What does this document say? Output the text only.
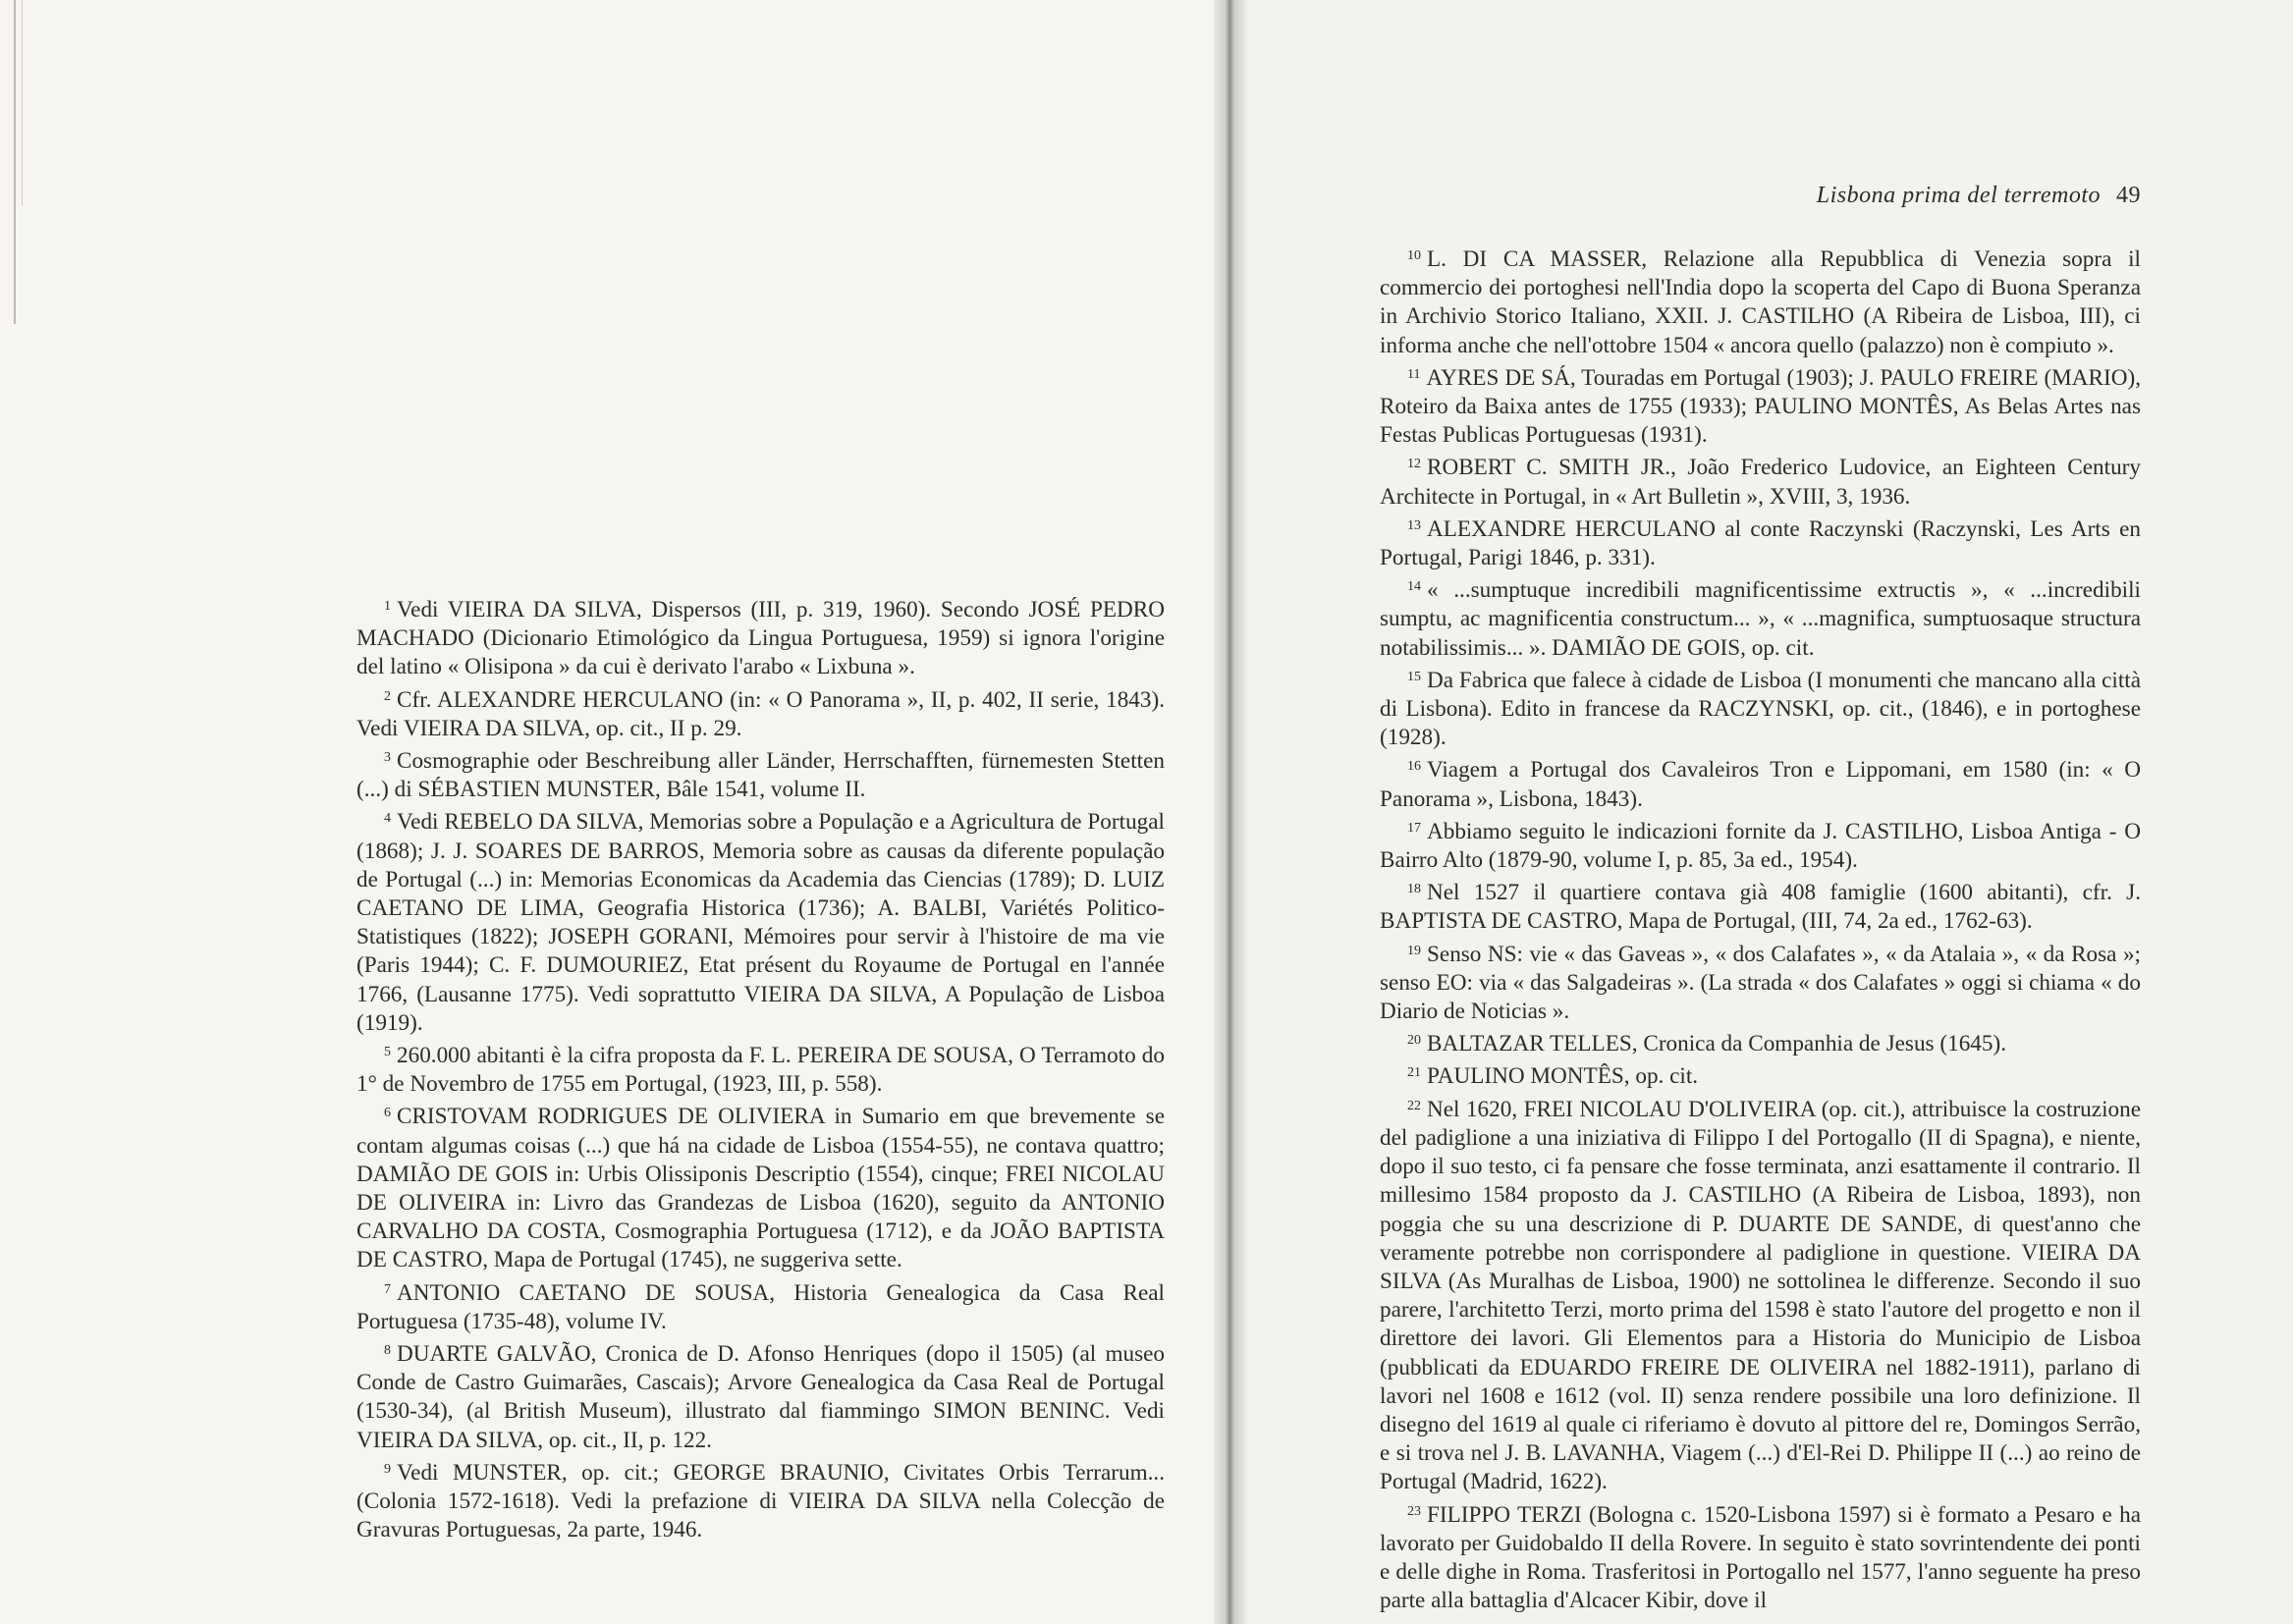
Lisbona prima del terremoto 49

$^1$ Vedi VIEIRA DA SILVA, Dispersos (III, p. 319, 1960). Secondo JOSÉ PEDRO MACHADO (Dicionario Etimológico da Lingua Portuguesa, 1959) si ignora l'origine del latino « Olisipona » da cui è derivato l'arabo « Lixbuna ».

$^2$ Cfr. ALEXANDRE HERCULANO (in: « O Panorama », II, p. 402, II serie, 1843). Vedi VIEIRA DA SILVA, op. cit., II p. 29.

$^3$ Cosmographie oder Beschreibung aller Länder, Herrschafften, fürnemesten Stetten (...) di SÉBASTIEN MUNSTER, Bâle 1541, volume II.

$^4$ Vedi REBELO DA SILVA, Memorias sobre a População e a Agricultura de Portugal (1868); J. J. SOARES DE BARROS, Memoria sobre as causas da diferente população de Portugal (...) in: Memorias Economicas da Academia das Ciencias (1789); D. LUIZ CAETANO DE LIMA, Geografia Historica (1736); A. BALBI, Variétés Politico-Statistiques (1822); JOSEPH GORANI, Mémoires pour servir à l'histoire de ma vie (Paris 1944); C. F. DUMOURIEZ, Etat présent du Royaume de Portugal en l'année 1766, (Lausanne 1775). Vedi soprattutto VIEIRA DA SILVA, A População de Lisboa (1919).

$^5$ 260.000 abitanti è la cifra proposta da F. L. PEREIRA DE SOUSA, O Terramoto do 1° de Novembro de 1755 em Portugal, (1923, III, p. 558).

$^6$ CRISTOVAM RODRIGUES DE OLIVIERA in Sumario em que brevemente se contam algumas coisas (...) que há na cidade de Lisboa (1554-55), ne contava quattro; DAMIÃO DE GOIS in: Urbis Olissiponis Descriptio (1554), cinque; FREI NICOLAU DE OLIVEIRA in: Livro das Grandezas de Lisboa (1620), seguito da ANTONIO CARVALHO DA COSTA, Cosmographia Portuguesa (1712), e da JOÃO BAPTISTA DE CASTRO, Mapa de Portugal (1745), ne suggeriva sette.

$^7$ ANTONIO CAETANO DE SOUSA, Historia Genealogica da Casa Real Portuguesa (1735-48), volume IV.

$^8$ DUARTE GALVÃO, Cronica de D. Afonso Henriques (dopo il 1505) (al museo Conde de Castro Guimarães, Cascais); Arvore Genealogica da Casa Real de Portugal (1530-34), (al British Museum), illustrato dal fiammingo SIMON BENINC. Vedi VIEIRA DA SILVA, op. cit., II, p. 122.

$^9$ Vedi MUNSTER, op. cit.; GEORGE BRAUNIO, Civitates Orbis Terrarum... (Colonia 1572-1618). Vedi la prefazione di VIEIRA DA SILVA nella Colecção de Gravuras Portuguesas, 2a parte, 1946.

$^{10}$ L. DI CA MASSER, Relazione alla Repubblica di Venezia sopra il commercio dei portoghesi nell'India dopo la scoperta del Capo di Buona Speranza in Archivio Storico Italiano, XXII. J. CASTILHO (A Ribeira de Lisboa, III), ci informa anche che nell'ottobre 1504 « ancora quello (palazzo) non è compiuto ».

$^{11}$ AYRES DE SÁ, Touradas em Portugal (1903); J. PAULO FREIRE (MARIO), Roteiro da Baixa antes de 1755 (1933); PAULINO MONTÊS, As Belas Artes nas Festas Publicas Portuguesas (1931).

$^{12}$ ROBERT C. SMITH JR., João Frederico Ludovice, an Eighteen Century Architecte in Portugal, in « Art Bulletin », XVIII, 3, 1936.

$^{13}$ ALEXANDRE HERCULANO al conte Raczynski (Raczynski, Les Arts en Portugal, Parigi 1846, p. 331).

$^{14}$ « ...sumptuque incredibili magnificentissime extructis », « ...incredibili sumptu, ac magnificentia constructum... », « ...magnifica, sumptuosaque structura notabilissimis... ». DAMIÃO DE GOIS, op. cit.

$^{15}$ Da Fabrica que falece à cidade de Lisboa (I monumenti che mancano alla città di Lisbona). Edito in francese da RACZYNSKI, op. cit., (1846), e in portoghese (1928).

$^{16}$ Viagem a Portugal dos Cavaleiros Tron e Lippomani, em 1580 (in: « O Panorama », Lisbona, 1843).

$^{17}$ Abbiamo seguito le indicazioni fornite da J. CASTILHO, Lisboa Antiga - O Bairro Alto (1879-90, volume I, p. 85, 3a ed., 1954).

$^{18}$ Nel 1527 il quartiere contava già 408 famiglie (1600 abitanti), cfr. J. BAPTISTA DE CASTRO, Mapa de Portugal, (III, 74, 2a ed., 1762-63).

$^{19}$ Senso NS: vie « das Gaveas », « dos Calafates », « da Atalaia », « da Rosa »; senso EO: via « das Salgadeiras ». (La strada « dos Calafates » oggi si chiama « do Diario de Noticias ».

$^{20}$ BALTAZAR TELLES, Cronica da Companhia de Jesus (1645).

$^{21}$ PAULINO MONTÊS, op. cit.

$^{22}$ Nel 1620, FREI NICOLAU D'OLIVEIRA (op. cit.), attribuisce la costruzione del padiglione a una iniziativa di Filippo I del Portogallo (II di Spagna), e niente, dopo il suo testo, ci fa pensare che fosse terminata, anzi esattamente il contrario. Il millesimo 1584 proposto da J. CASTILHO (A Ribeira de Lisboa, 1893), non poggia che su una descrizione di P. DUARTE DE SANDE, di quest'anno che veramente potrebbe non corrispondere al padiglione in questione. VIEIRA DA SILVA (As Muralhas de Lisboa, 1900) ne sottolinea le differenze. Secondo il suo parere, l'architetto Terzi, morto prima del 1598 è stato l'autore del progetto e non il direttore dei lavori. Gli Elementos para a Historia do Municipio de Lisboa (pubblicati da EDUARDO FREIRE DE OLIVEIRA nel 1882-1911), parlano di lavori nel 1608 e 1612 (vol. II) senza rendere possibile una loro definizione. Il disegno del 1619 al quale ci riferiamo è dovuto al pittore del re, Domingos Serrão, e si trova nel J. B. LAVANHA, Viagem (...) d'El-Rei D. Philippe II (...) ao reino de Portugal (Madrid, 1622).

$^{23}$ FILIPPO TERZI (Bologna c. 1520-Lisbona 1597) si è formato a Pesaro e ha lavorato per Guidobaldo II della Rovere. In seguito è stato sovrintendente dei ponti e delle dighe in Roma. Trasferitosi in Portogallo nel 1577, l'anno seguente ha preso parte alla battaglia d'Alcacer Kibir, dove il
